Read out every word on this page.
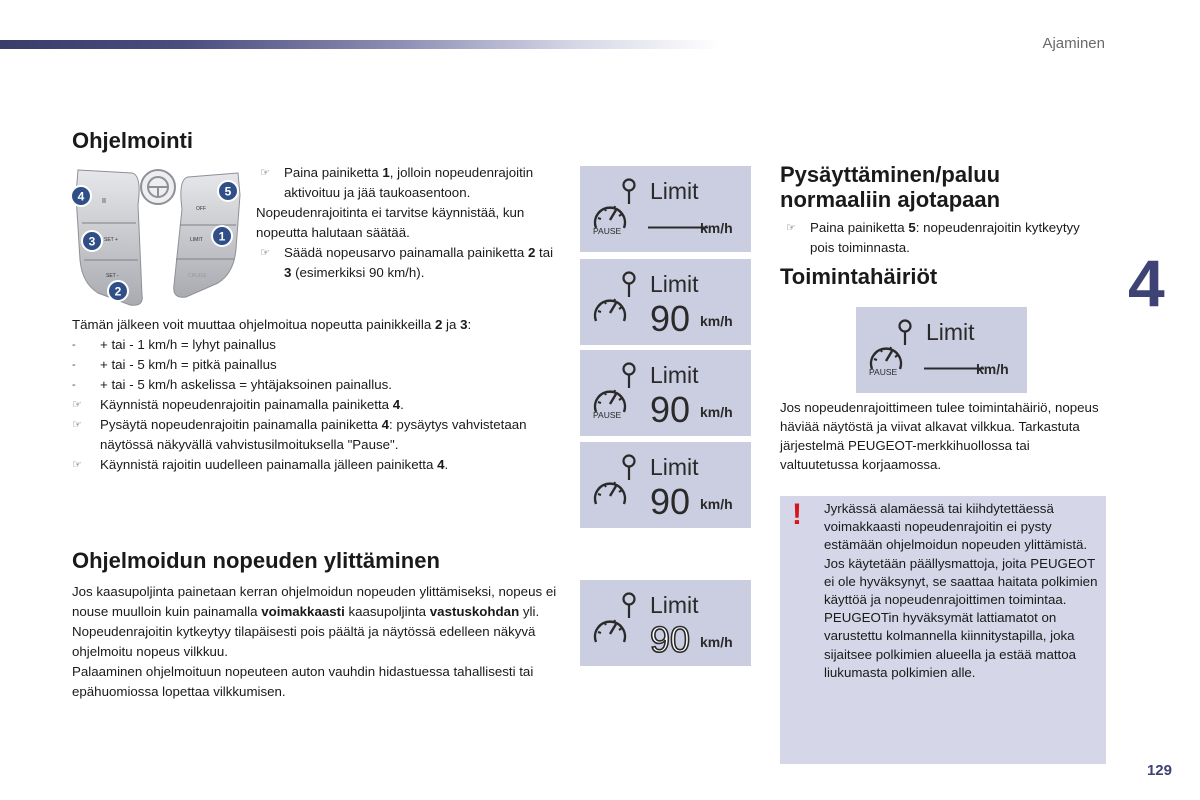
Ajaminen
4
129
Ohjelmointi
II
SET +
SET -
OFF
LIMIT
CRUISE
4	5
3	1
2
☞ Paina painiketta 1, jolloin nopeudenrajoitin aktivoituu ja jää taukoasentoon.
Nopeudenrajoitinta ei tarvitse käynnistää, kun nopeutta halutaan säätää.
☞ Säädä nopeusarvo painamalla painiketta 2 tai 3 (esimerkiksi 90 km/h).
Tämän jälkeen voit muuttaa ohjelmoitua nopeutta painikkeilla 2 ja 3:
- + tai - 1 km/h = lyhyt painallus
- + tai - 5 km/h = pitkä painallus
- + tai - 5 km/h askelissa = yhtäjaksoinen painallus.
☞ Käynnistä nopeudenrajoitin painamalla painiketta 4.
☞ Pysäytä nopeudenrajoitin painamalla painiketta 4: pysäytys vahvistetaan näytössä näkyvällä vahvistusilmoituksella "Pause".
☞ Käynnistä rajoitin uudelleen painamalla jälleen painiketta 4.
Limit
PAUSE ———
km/h
Limit
90 km/h
Limit
PAUSE 90 km/h
Limit
90 km/h
Limit
90 km/h
Limit
PAUSE ———
km/h
Ohjelmoidun nopeuden ylittäminen
Jos kaasupoljinta painetaan kerran ohjelmoidun nopeuden ylittämiseksi, nopeus ei nouse muulloin kuin painamalla voimakkaasti kaasupoljinta vastuskohdan yli.
Nopeudenrajoitin kytkeytyy tilapäisesti pois päältä ja näytössä edelleen näkyvä ohjelmoitu nopeus vilkkuu.
Palaaminen ohjelmoituun nopeuteen auton vauhdin hidastuessa tahallisesti tai epähuomiossa lopettaa vilkkumisen.
Pysäyttäminen/paluu
normaaliin ajotapaan
☞ Paina painiketta 5: nopeudenrajoitin kytkeytyy pois toiminnasta.
Toimintahäiriöt
Jos nopeudenrajoittimeen tulee toimintahäiriö, nopeus häviää näytöstä ja viivat alkavat vilkkua. Tarkastuta järjestelmä PEUGEOT-merkkihuollossa tai valtuutetussa korjaamossa.
! Jyrkässä alamäessä tai kiihdytettäessä voimakkaasti nopeudenrajoitin ei pysty estämään ohjelmoidun nopeuden ylittämistä.
Jos käytetään päällysmattoja, joita PEUGEOT ei ole hyväksynyt, se saattaa haitata polkimien käyttöä ja nopeudenrajoittimen toimintaa.
PEUGEOTin hyväksymät lattiamatot on varustettu kolmannella kiinnitystapilla, joka sijaitsee polkimien alueella ja estää mattoa liukumasta polkimien alle.
